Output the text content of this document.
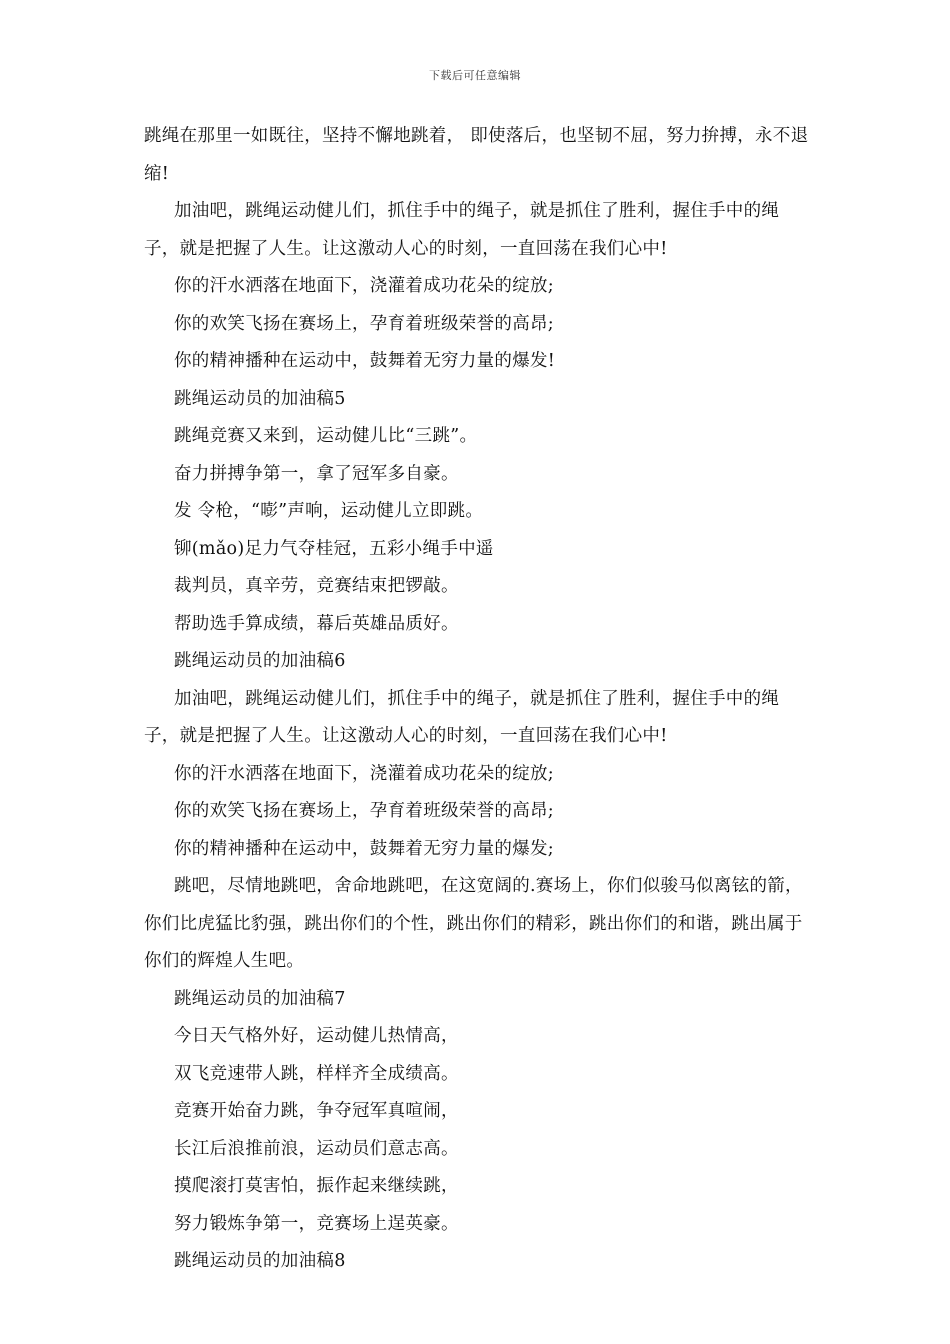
下载后可任意编辑

跳绳在那里一如既往，坚持不懈地跳着， 即使落后，也坚韧不屈，努力拚搏，永不退缩!

加油吧，跳绳运动健儿们，抓住手中的绳子，就是抓住了胜利，握住手中的绳子，就是把握了人生。让这激动人心的时刻，一直回荡在我们心中!

你的汗水洒落在地面下，浇灌着成功花朵的绽放;

你的欢笑飞扬在赛场上，孕育着班级荣誉的高昂;

你的精神播种在运动中，鼓舞着无穷力量的爆发!

跳绳运动员的加油稿5

跳绳竞赛又来到，运动健儿比“三跳”。

奋力拼搏争第一，拿了冠军多自豪。

发 令枪，“嘭”声响，运动健儿立即跳。

铆(mǎo)足力气夺桂冠，五彩小绳手中遥

裁判员，真辛劳，竞赛结束把锣敲。

帮助选手算成绩，幕后英雄品质好。

跳绳运动员的加油稿6

加油吧，跳绳运动健儿们，抓住手中的绳子，就是抓住了胜利，握住手中的绳子，就是把握了人生。让这激动人心的时刻，一直回荡在我们心中!

你的汗水洒落在地面下，浇灌着成功花朵的绽放;

你的欢笑飞扬在赛场上，孕育着班级荣誉的高昂;

你的精神播种在运动中，鼓舞着无穷力量的爆发;

跳吧，尽情地跳吧，舍命地跳吧，在这宽阔的.赛场上，你们似骏马似离铉的箭，你们比虎猛比豹强，跳出你们的个性，跳出你们的精彩，跳出你们的和谐，跳出属于你们的辉煌人生吧。

跳绳运动员的加油稿7

今日天气格外好，运动健儿热情高，

双飞竞速带人跳，样样齐全成绩高。

竞赛开始奋力跳，争夺冠军真喧闹，

长江后浪推前浪，运动员们意志高。

摸爬滚打莫害怕，振作起来继续跳，

努力锻炼争第一，竞赛场上逞英豪。

跳绳运动员的加油稿8
